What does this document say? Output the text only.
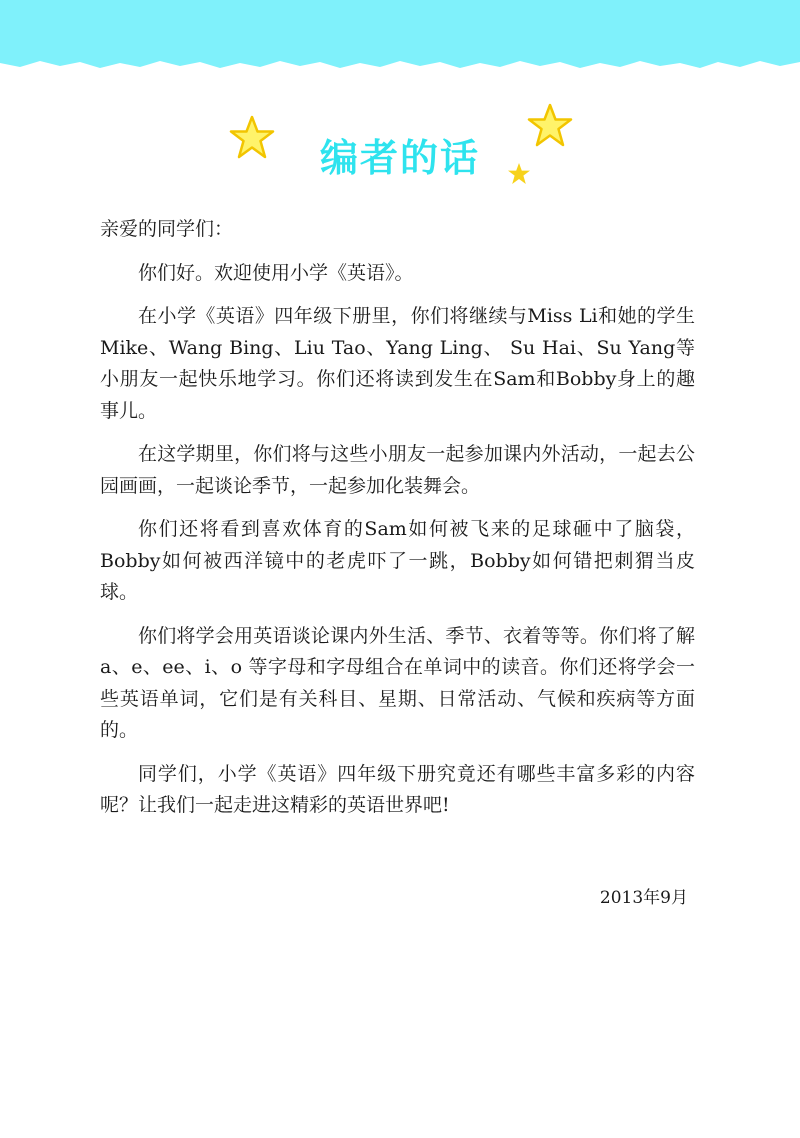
编者的话

亲爱的同学们：

你们好。欢迎使用小学《英语》。

在小学《英语》四年级下册里，你们将继续与Miss Li和她的学生Mike、Wang Bing、Liu Tao、Yang Ling、 Su Hai、Su Yang等小朋友一起快乐地学习。你们还将读到发生在Sam和Bobby身上的趣事儿。

在这学期里，你们将与这些小朋友一起参加课内外活动，一起去公园画画，一起谈论季节，一起参加化装舞会。

你们还将看到喜欢体育的Sam如何被飞来的足球砸中了脑袋，Bobby如何被西洋镜中的老虎吓了一跳，Bobby如何错把刺猬当皮球。

你们将学会用英语谈论课内外生活、季节、衣着等等。你们将了解a、e、ee、i、o 等字母和字母组合在单词中的读音。你们还将学会一些英语单词，它们是有关科目、星期、日常活动、气候和疾病等方面的。

同学们，小学《英语》四年级下册究竟还有哪些丰富多彩的内容呢？让我们一起走进这精彩的英语世界吧!

2013年9月
